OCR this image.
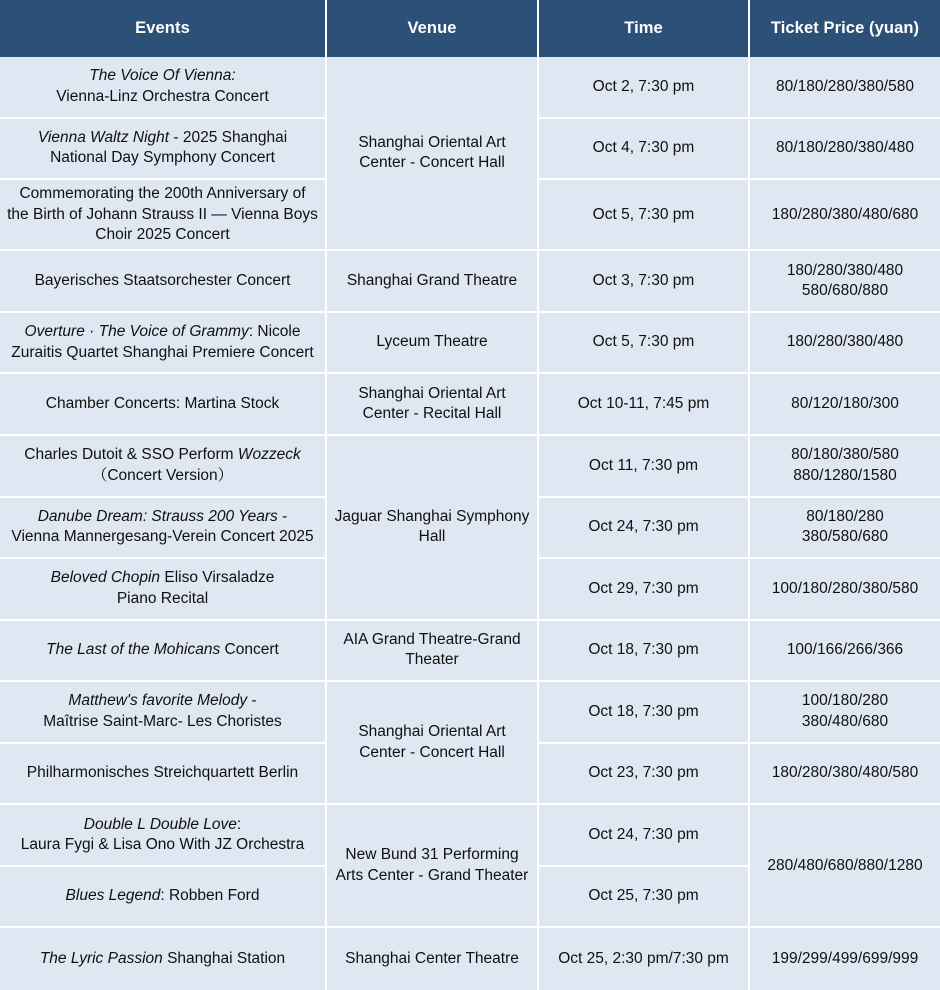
Events	Venue	Time	Ticket Price (yuan)

The Voice Of Vienna:
Vienna-Linz Orchestra Concert	Shanghai Oriental Art Center - Concert Hall	Oct 2, 7:30 pm	80/180/280/380/580

Vienna Waltz Night - 2025 Shanghai
National Day Symphony Concert		Oct 4, 7:30 pm	80/180/280/380/480

Commemorating the 200th Anniversary of the Birth of Johann Strauss II — Vienna Boys Choir 2025 Concert		Oct 5, 7:30 pm	180/280/380/480/680

Bayerisches Staatsorchester Concert	Shanghai Grand Theatre	Oct 3, 7:30 pm	180/280/380/480
580/680/880

Overture · The Voice of Grammy: Nicole
Zuraitis Quartet Shanghai Premiere Concert	Lyceum Theatre	Oct 5, 7:30 pm	180/280/380/480

Chamber Concerts: Martina Stock	Shanghai Oriental Art Center - Recital Hall	Oct 10-11, 7:45 pm	80/120/180/300

Charles Dutoit & SSO Perform Wozzeck
（Concert Version）	Jaguar Shanghai Symphony Hall	Oct 11, 7:30 pm	80/180/380/580
880/1280/1580

Danube Dream: Strauss 200 Years -
Vienna Mannergesang-Verein Concert 2025		Oct 24, 7:30 pm	80/180/280
380/580/680

Beloved Chopin Eliso Virsaladze
Piano Recital		Oct 29, 7:30 pm	100/180/280/380/580

The Last of the Mohicans Concert	AIA Grand Theatre-Grand Theater	Oct 18, 7:30 pm	100/166/266/366

Matthew's favorite Melody -
Maîtrise Saint-Marc- Les Choristes	Shanghai Oriental Art Center - Concert Hall	Oct 18, 7:30 pm	100/180/280
380/480/680

Philharmonisches Streichquartett Berlin		Oct 23, 7:30 pm	180/280/380/480/580

Double L Double Love:
Laura Fygi & Lisa Ono With JZ Orchestra	New Bund 31 Performing Arts Center - Grand Theater	Oct 24, 7:30 pm	280/480/680/880/1280

Blues Legend: Robben Ford		Oct 25, 7:30 pm	

The Lyric Passion Shanghai Station	Shanghai Center Theatre	Oct 25, 2:30 pm/7:30 pm	199/299/499/699/999
